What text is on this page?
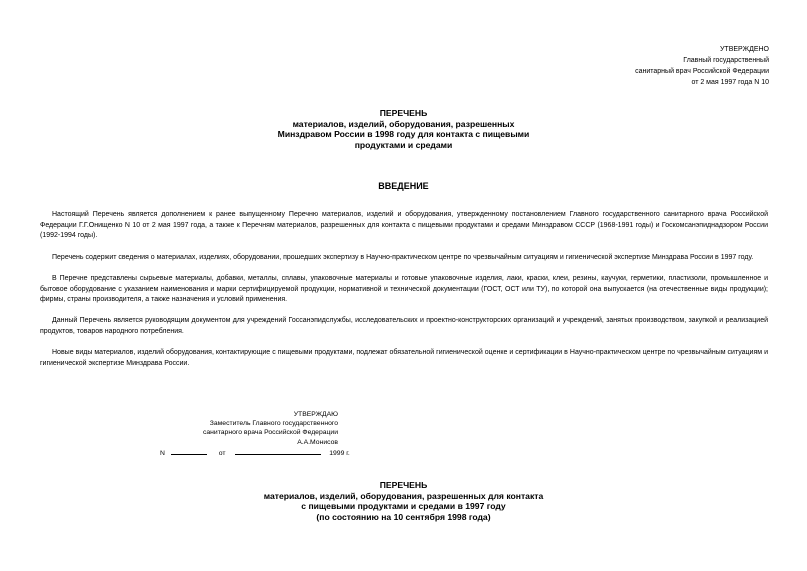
УТВЕРЖДЕНО
Главный государственный
санитарный врач Российской Федерации
от 2 мая 1997 года N 10
ПЕРЕЧЕНЬ
материалов, изделий, оборудования, разрешенных
Минздравом России в 1998 году для контакта с пищевыми
продуктами и средами
ВВЕДЕНИЕ

Настоящий Перечень является дополнением к ранее выпущенному Перечню материалов, изделий и оборудования, утвержденному постановлением Главного государственного санитарного врача Российской Федерации Г.Г.Онищенко N 10 от 2 мая 1997 года, а также к Перечням материалов, разрешенных для контакта с пищевыми продуктами и средами Минздравом СССР (1968-1991 годы) и Госкомсанэпиднадзором России (1992-1994 годы).

Перечень содержит сведения о материалах, изделиях, оборудовании, прошедших экспертизу в Научно-практическом центре по чрезвычайным ситуациям и гигиенической экспертизе Минздрава России в 1997 году.

В Перечне представлены сырьевые материалы, добавки, металлы, сплавы, упаковочные материалы и готовые упаковочные изделия, лаки, краски, клеи, резины, каучуки, герметики, пластизоли, промышленное и бытовое оборудование с указанием наименования и марки сертифицируемой продукции, нормативной и технической документации (ГОСТ, ОСТ или ТУ), по которой она выпускается (на отечественные виды продукции); фирмы, страны производителя, а также назначения и условий применения.

Данный Перечень является руководящим документом для учреждений Госсанэпидслужбы, исследовательских и проектно-конструкторских организаций и учреждений, занятых производством, закупкой и реализацией продуктов, товаров народного потребления.

Новые виды материалов, изделий оборудования, контактирующие с пищевыми продуктами, подлежат обязательной гигиенической оценке и сертификации в Научно-практическом центре по чрезвычайным ситуациям и гигиенической экспертизе Минздрава России.

УТВЕРЖДАЮ
Заместитель Главного государственного
санитарного врача Российской Федерации
А.А.Монисов
N	от	1999 г.
ПЕРЕЧЕНЬ
материалов, изделий, оборудования, разрешенных для контакта
с пищевыми продуктами и средами в 1997 году
(по состоянию на 10 сентября 1998 года)
